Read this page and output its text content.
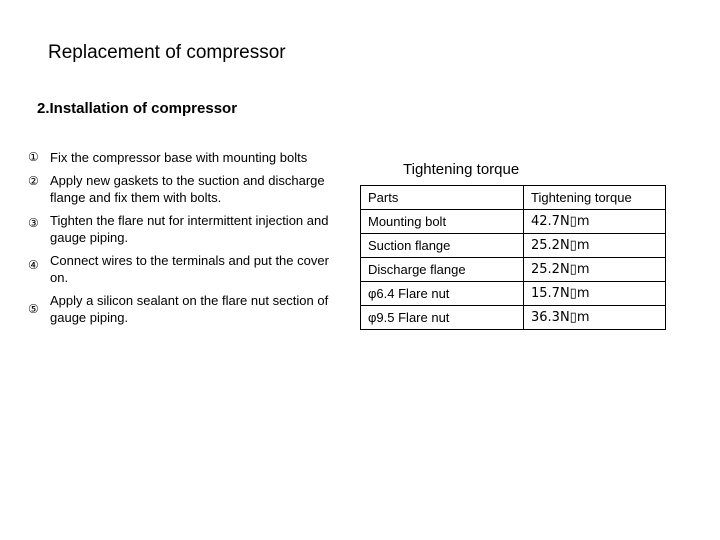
Replacement of compressor
2.Installation of compressor
①
②
③
④
⑤
Fix the compressor base with mounting bolts
Apply new gaskets to the suction and discharge flange and fix them with bolts.
Tighten the flare nut for intermittent injection and gauge piping.
Connect wires to the terminals and put the cover on.
Apply a silicon sealant on the flare nut section of gauge piping.
Tightening torque
Parts	Tightening torque
Mounting bolt	42.7N▯m
Suction flange	25.2N▯m
Discharge flange	25.2N▯m
φ6.4 Flare nut	15.7N▯m
φ9.5 Flare nut	36.3N▯m
